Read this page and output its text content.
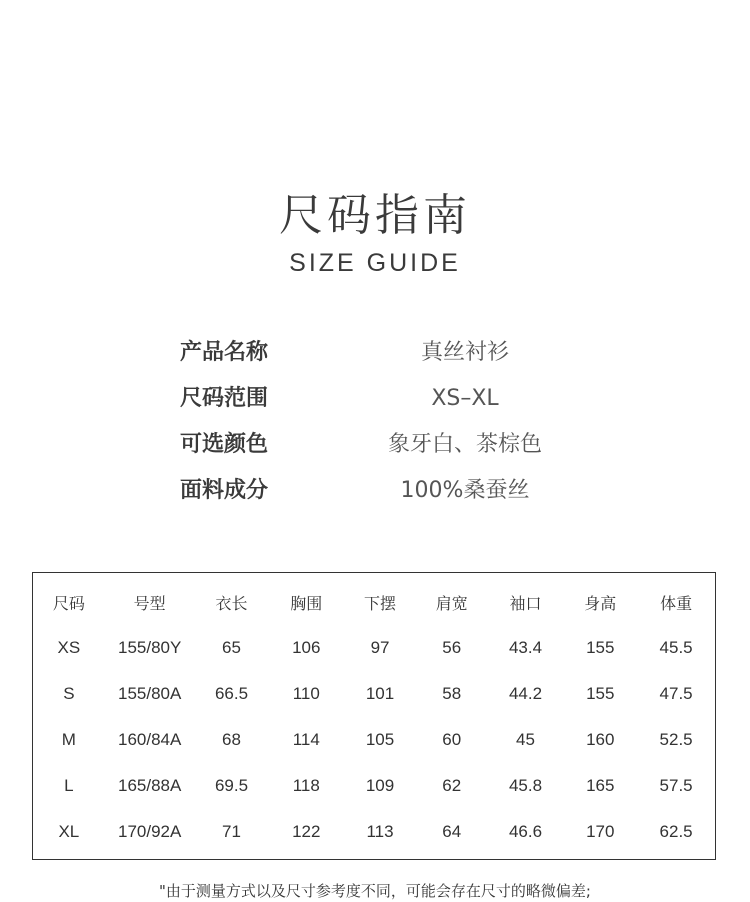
尺码指南
SIZE GUIDE
产品名称	真丝衬衫
尺码范围	XS–XL
可选颜色	象牙白、茶棕色
面料成分	100%桑蚕丝
尺码	号型	衣长	胸围	下摆	肩宽	袖口	身高	体重
XS	155/80Y	65	106	97	56	43.4	155	45.5
S	155/80A	66.5	110	101	58	44.2	155	47.5
M	160/84A	68	114	105	60	45	160	52.5
L	165/88A	69.5	118	109	62	45.8	165	57.5
XL	170/92A	71	122	113	64	46.6	170	62.5
"由于测量方式以及尺寸参考度不同，可能会存在尺寸的略微偏差;
